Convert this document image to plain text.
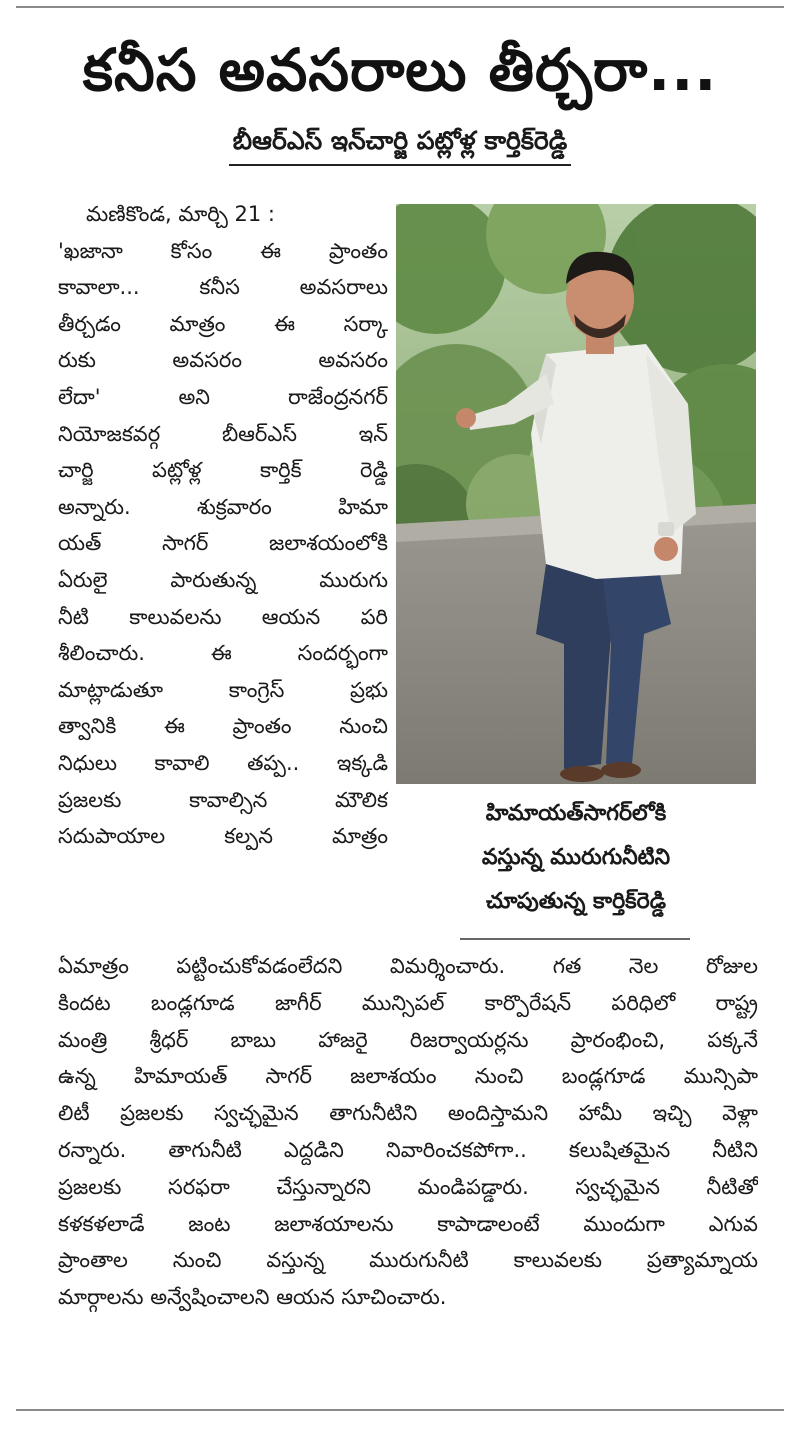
కనీస అవసరాలు తీర్చరా...
బీఆర్ఎస్ ఇన్‌చార్జి పట్లోళ్ల కార్తిక్‌రెడ్డి
మణికొండ, మార్చి 21 :
'ఖజానా కోసం ఈ ప్రాంతం
కావాలా... కనీస అవసరాలు
తీర్చడం మాత్రం ఈ సర్కా
రుకు అవసరం అవసరం
లేదా' అని రాజేంద్రనగర్
నియోజకవర్గ బీఆర్ఎస్ ఇన్
చార్జి పట్లోళ్ల కార్తిక్ రెడ్డి
అన్నారు. శుక్రవారం హిమా
యత్ సాగర్ జలాశయంలోకి
ఏరులై పారుతున్న మురుగు
నీటి కాలువలను ఆయన పరి
శీలించారు. ఈ సందర్భంగా
మాట్లాడుతూ కాంగ్రెస్ ప్రభు
త్వానికి ఈ ప్రాంతం నుంచి
నిధులు కావాలి తప్ప.. ఇక్కడి
ప్రజలకు కావాల్సిన మౌలిక
సదుపాయాల కల్పన మాత్రం
హిమాయత్‌సాగర్‌లోకి
వస్తున్న మురుగునీటిని
చూపుతున్న కార్తిక్‌రెడ్డి
ఏమాత్రం పట్టించుకోవడంలేదని విమర్శించారు. గత నెల రోజుల
కిందట బండ్లగూడ జాగీర్ మున్సిపల్ కార్పొరేషన్ పరిధిలో రాష్ట్ర
మంత్రి శ్రీధర్ బాబు హాజరై రిజర్వాయర్లను ప్రారంభించి, పక్కనే
ఉన్న హిమాయత్ సాగర్ జలాశయం నుంచి బండ్లగూడ మున్సిపా
లిటీ ప్రజలకు స్వచ్ఛమైన తాగునీటిని అందిస్తామని హామీ ఇచ్చి వెళ్లా
రన్నారు. తాగునీటి ఎద్దడిని నివారించకపోగా.. కలుషితమైన నీటిని
ప్రజలకు సరఫరా చేస్తున్నారని మండిపడ్డారు. స్వచ్ఛమైన నీటితో
కళకళలాడే జంట జలాశయాలను కాపాడాలంటే ముందుగా ఎగువ
ప్రాంతాల నుంచి వస్తున్న మురుగునీటి కాలువలకు ప్రత్యామ్నాయ
మార్గాలను అన్వేషించాలని ఆయన సూచించారు.
